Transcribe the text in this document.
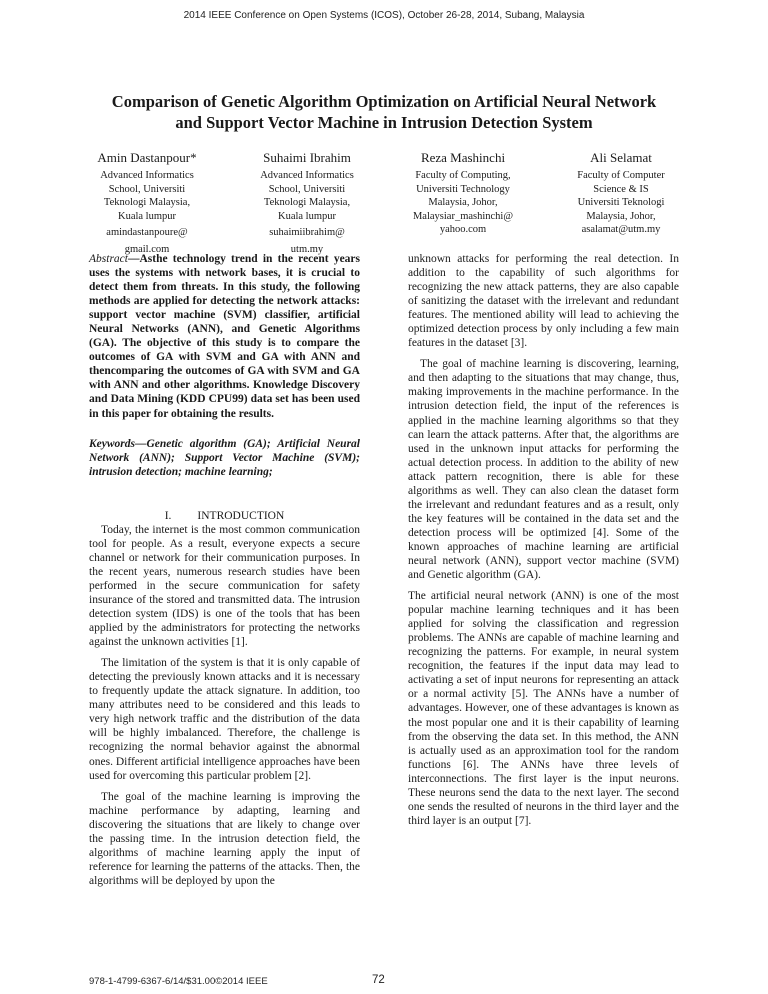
2014 IEEE Conference on Open Systems (ICOS), October 26-28, 2014, Subang, Malaysia
Comparison of Genetic Algorithm Optimization on Artificial Neural Network
and Support Vector Machine in Intrusion Detection System
Amin Dastanpour*
Advanced Informatics
School, Universiti
Teknologi Malaysia,
Kuala lumpur
amindastanpoure@
gmail.com
Suhaimi Ibrahim
Advanced Informatics
School, Universiti
Teknologi Malaysia,
Kuala lumpur
suhaimiibrahim@
utm.my
Reza Mashinchi
Faculty of Computing,
Universiti Technology
Malaysia, Johor,
Malaysiar_mashinchi@
yahoo.com
Ali Selamat
Faculty of Computer
Science & IS
Universiti Teknologi
Malaysia, Johor,
asalamat@utm.my

Abstract—Asthe technology trend in the recent years uses the systems with network bases, it is crucial to detect them from threats. In this study, the following methods are applied for detecting the network attacks: support vector machine (SVM) classifier, artificial Neural Networks (ANN), and Genetic Algorithms (GA). The objective of this study is to compare the outcomes of GA with SVM and GA with ANN and thencomparing the outcomes of GA with SVM and GA with ANN and other algorithms. Knowledge Discovery and Data Mining (KDD CPU99) data set has been used in this paper for obtaining the results.

Keywords—Genetic algorithm (GA); Artificial Neural Network (ANN); Support Vector Machine (SVM); intrusion detection; machine learning;

I. INTRODUCTION

Today, the internet is the most common communication tool for people. As a result, everyone expects a secure channel or network for their communication purposes. In the recent years, numerous research studies have been performed in the secure communication for safety insurance of the stored and transmitted data. The intrusion detection system (IDS) is one of the tools that has been applied by the administrators for protecting the networks against the unknown activities [1].

The limitation of the system is that it is only capable of detecting the previously known attacks and it is necessary to frequently update the attack signature. In addition, too many attributes need to be considered and this leads to very high network traffic and the distribution of the data will be highly imbalanced. Therefore, the challenge is recognizing the normal behavior against the abnormal ones. Different artificial intelligence approaches have been used for overcoming this particular problem [2].

The goal of the machine learning is improving the machine performance by adapting, learning and discovering the situations that are likely to change over the passing time. In the intrusion detection field, the algorithms of machine learning apply the input of reference for learning the patterns of the attacks. Then, the algorithms will be deployed by upon the

unknown attacks for performing the real detection. In addition to the capability of such algorithms for recognizing the new attack patterns, they are also capable of sanitizing the dataset with the irrelevant and redundant features. The mentioned ability will lead to achieving the optimized detection process by only including a few main features in the dataset [3].

The goal of machine learning is discovering, learning, and then adapting to the situations that may change, thus, making improvements in the machine performance. In the intrusion detection field, the input of the references is applied in the machine learning algorithms so that they can learn the attack patterns. After that, the algorithms are used in the unknown input attacks for performing the actual detection process. In addition to the ability of new attack pattern recognition, there is able for these algorithms as well. They can also clean the dataset form the irrelevant and redundant features and as a result, only the key features will be contained in the data set and the detection process will be optimized [4]. Some of the known approaches of machine learning are artificial neural network (ANN), support vector machine (SVM) and Genetic algorithm (GA).

The artificial neural network (ANN) is one of the most popular machine learning techniques and it has been applied for solving the classification and regression problems. The ANNs are capable of machine learning and recognizing the patterns. For example, in neural system recognition, the features if the input data may lead to activating a set of input neurons for representing an attack or a normal activity [5]. The ANNs have a number of advantages. However, one of these advantages is known as the most popular one and it is their capability of learning from the observing the data set. In this method, the ANN is actually used as an approximation tool for the random functions [6]. The ANNs have three levels of interconnections. The first layer is the input neurons. These neurons send the data to the next layer. The second one sends the resulted of neurons in the third layer and the third layer is an output [7].

978-1-4799-6367-6/14/$31.00©2014 IEEE	72
